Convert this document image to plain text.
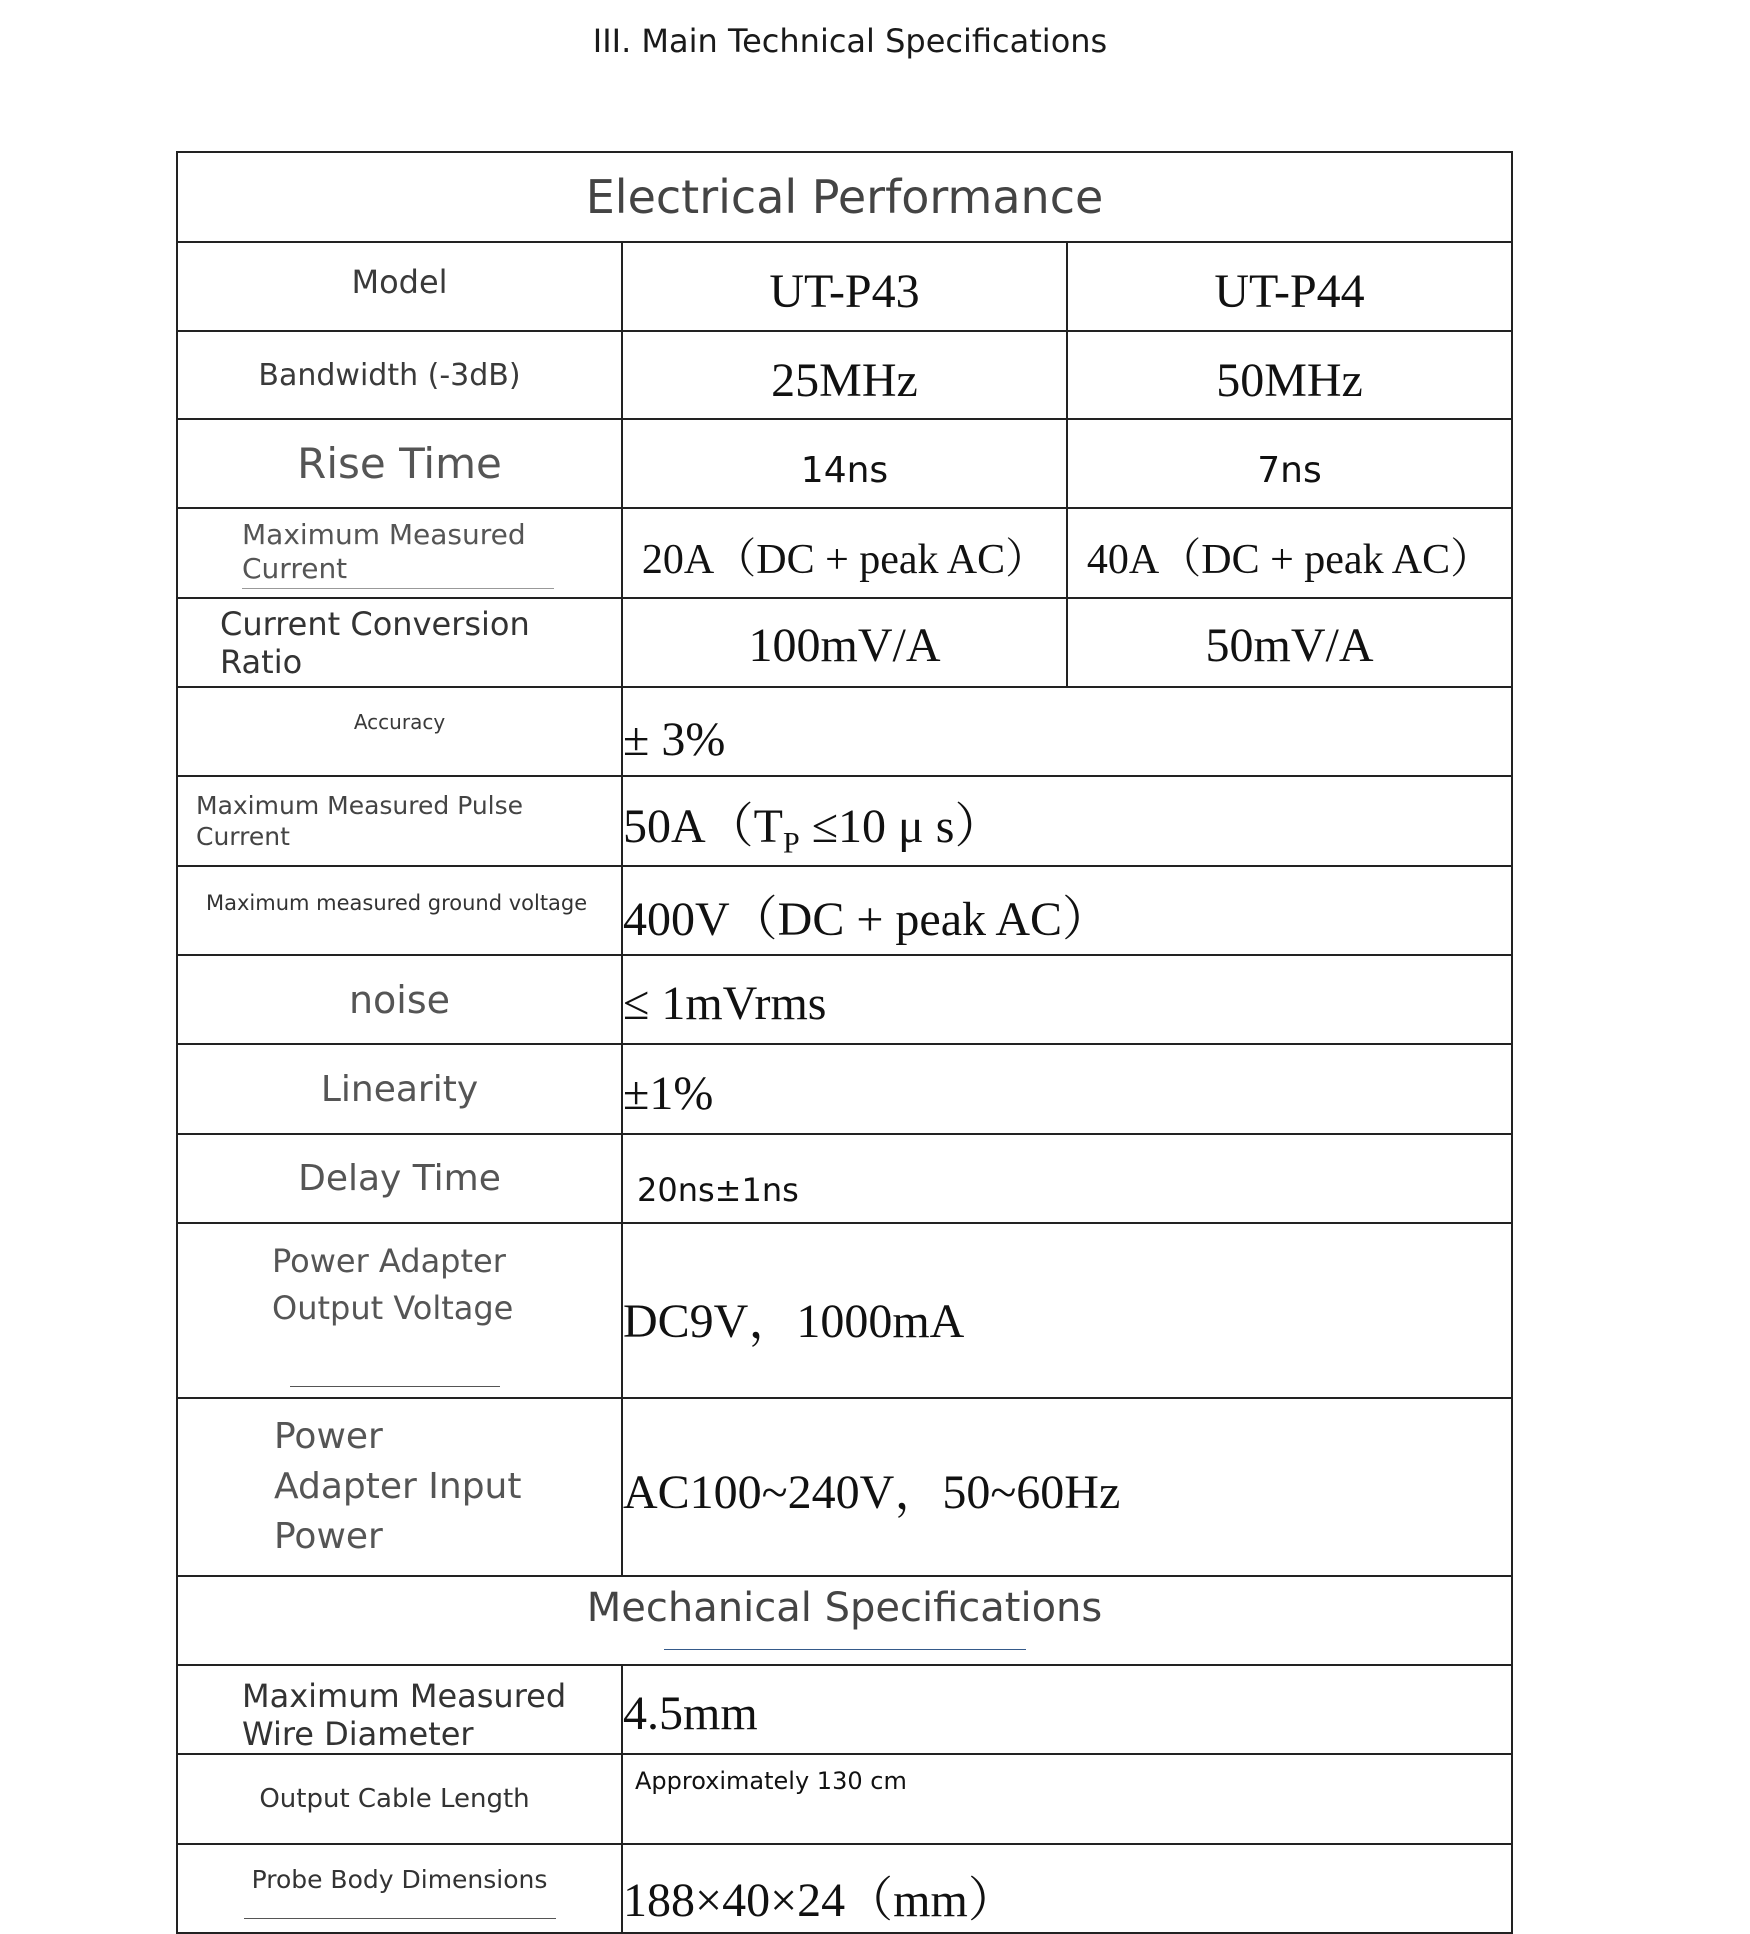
III. Main Technical Specifications
Electrical Performance		
Model	UT-P43	UT-P44
Bandwidth (-3dB)	25MHz	50MHz
Rise Time	14ns	7ns

Maximum Measured
Current	20A（DC + peak AC）	40A（DC + peak AC）

Current Conversion
Ratio	100mV/A	50mV/A
Accuracy	± 3%	

Maximum Measured Pulse
Current	$50A(T_P \le 10$ μ s）	
Maximum measured ground voltage	400V（DC + peak AC）	
noise	≤ 1mVrms	
Linearity	±1%	
Delay Time	20ns±1ns	

Power Adapter
Output Voltage	DC9V，1000mA	

Power
Adapter Input
Power	AC100~240V，50~60Hz	

Mechanical Specifications		

Maximum Measured
Wire Diameter	4.5mm	
Output Cable Length	Approximately 130 cm	

Probe Body Dimensions	188×40×24（mm）	
